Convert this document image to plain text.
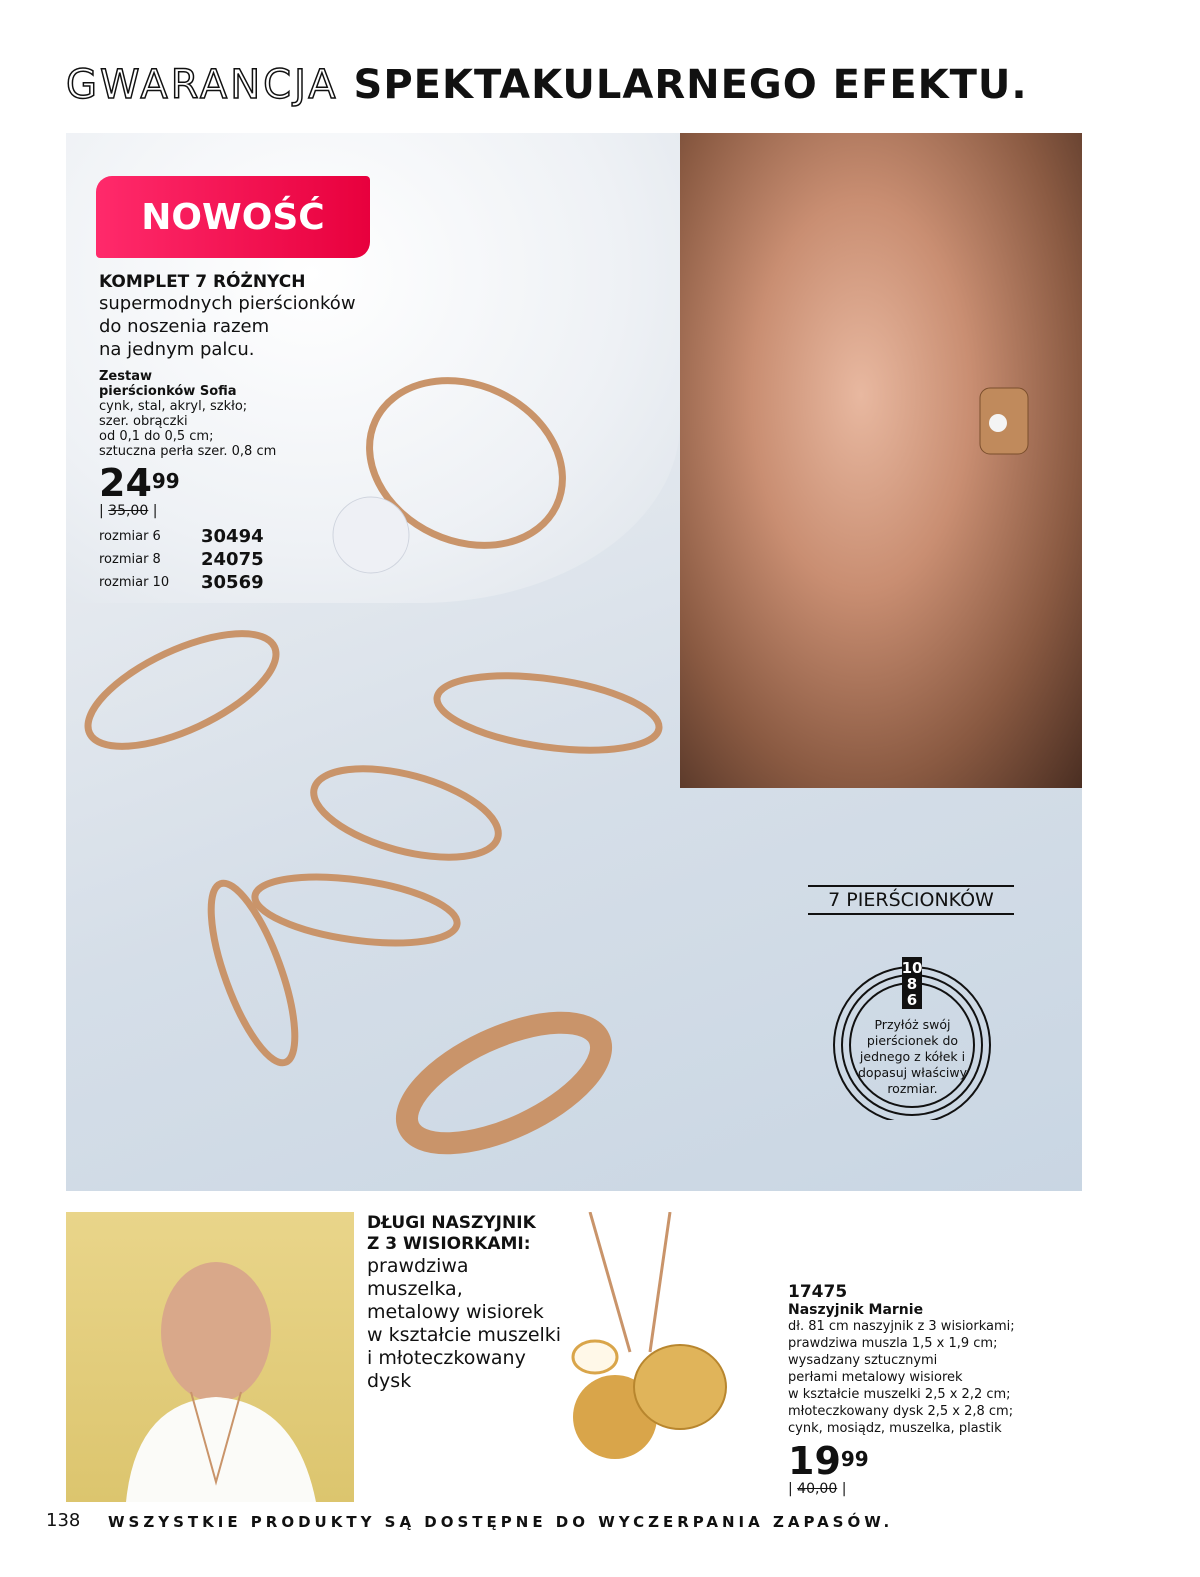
GWARANCJA SPEKTAKULARNEGO EFEKTU.
NOWOŚĆ
KOMPLET 7 RÓŻNYCH
supermodnych pierścionków
do noszenia razem
na jednym palcu.
Zestaw
pierścionków Sofia
cynk, stal, akryl, szkło;
szer. obrączki
od 0,1 do 0,5 cm;
sztuczna perła szer. 0,8 cm
$24^{99}$
| 35,00 |
rozmiar 6	30494
rozmiar 8	24075
rozmiar 10	30569
7 PIERŚCIONKÓW
10
8
6
Przyłóż swój pierścionek do jednego z kółek i dopasuj właściwy rozmiar.
DŁUGI NASZYJNIK
Z 3 WISIORKAMI:
prawdziwa
muszelka,
metalowy wisiorek
w kształcie muszelki
i młoteczkowany
dysk
17475
Naszyjnik Marnie
dł. 81 cm naszyjnik z 3 wisiorkami;
prawdziwa muszla 1,5 x 1,9 cm;
wysadzany sztucznymi
perłami metalowy wisiorek
w kształcie muszelki 2,5 x 2,2 cm;
młoteczkowany dysk 2,5 x 2,8 cm;
cynk, mosiądz, muszelka, plastik
$19^{99}$
| 40,00 |
138 WSZYSTKIE PRODUKTY SĄ DOSTĘPNE DO WYCZERPANIA ZAPASÓW.
